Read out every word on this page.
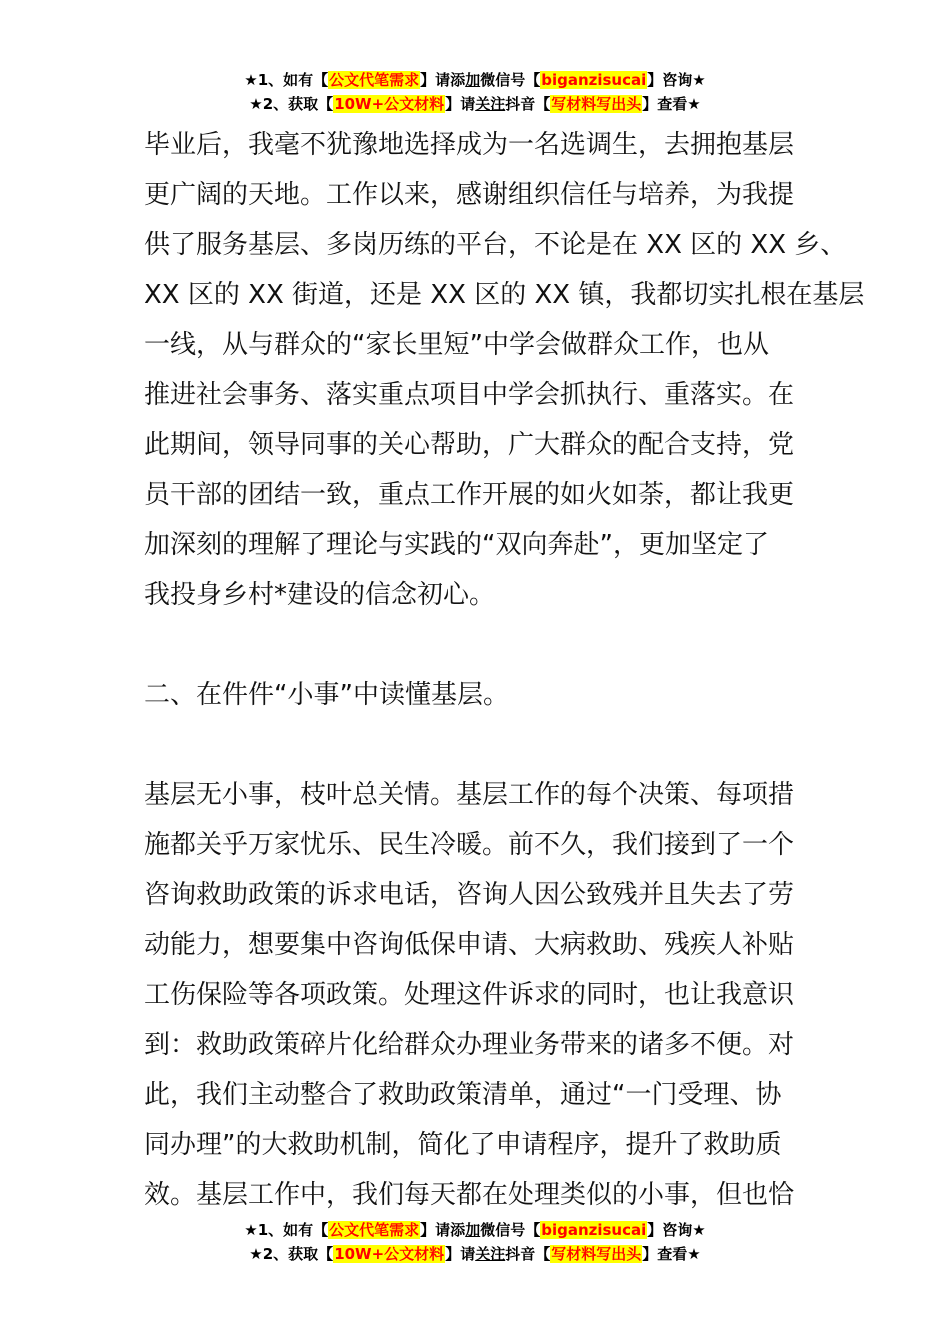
★1、如有【公文代笔需求】请添加微信号【biganzisucai】咨询★
★2、获取【10W+公文材料】请关注抖音【写材料写出头】查看★
毕业后，我毫不犹豫地选择成为一名选调生，去拥抱基层
更广阔的天地。工作以来，感谢组织信任与培养，为我提
供了服务基层、多岗历练的平台，不论是在 XX 区的 XX 乡、
XX 区的 XX 街道，还是 XX 区的 XX 镇，我都切实扎根在基层
一线，从与群众的“家长里短”中学会做群众工作，也从
推进社会事务、落实重点项目中学会抓执行、重落实。在
此期间，领导同事的关心帮助，广大群众的配合支持，党
员干部的团结一致，重点工作开展的如火如荼，都让我更
加深刻的理解了理论与实践的“双向奔赴”，更加坚定了
我投身乡村*建设的信念初心。
二、在件件“小事”中读懂基层。
基层无小事，枝叶总关情。基层工作的每个决策、每项措
施都关乎万家忧乐、民生冷暖。前不久，我们接到了一个
咨询救助政策的诉求电话，咨询人因公致残并且失去了劳
动能力，想要集中咨询低保申请、大病救助、残疾人补贴
工伤保险等各项政策。处理这件诉求的同时，也让我意识
到：救助政策碎片化给群众办理业务带来的诸多不便。对
此，我们主动整合了救助政策清单，通过“一门受理、协
同办理”的大救助机制，简化了申请程序，提升了救助质
效。基层工作中，我们每天都在处理类似的小事，但也恰
★1、如有【公文代笔需求】请添加微信号【biganzisucai】咨询★
★2、获取【10W+公文材料】请关注抖音【写材料写出头】查看★
